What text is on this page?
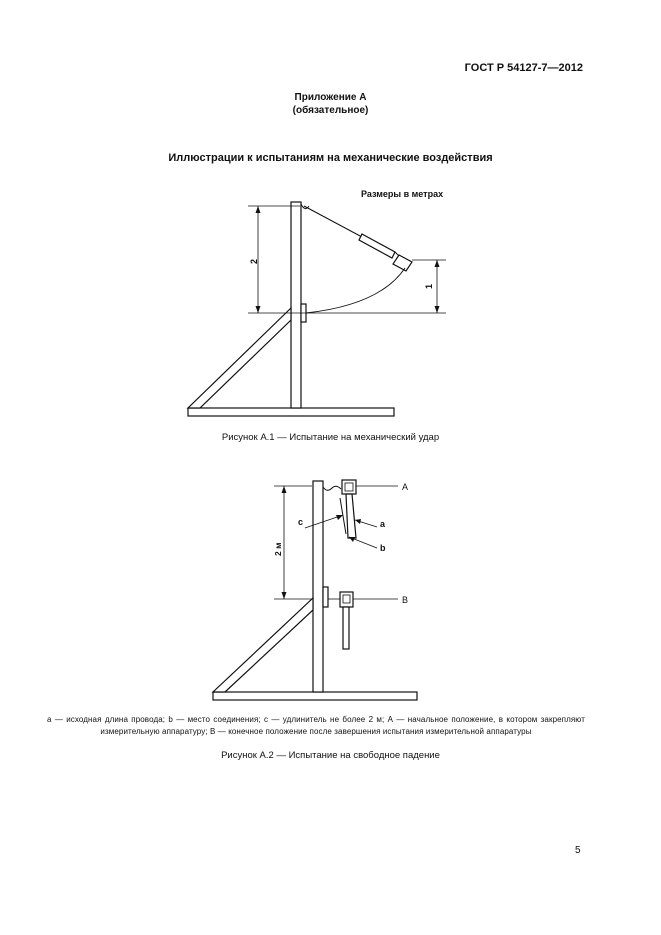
ГОСТ Р 54127-7—2012
Приложение А
(обязательное)
Иллюстрации к испытаниям на механические воздействия
Размеры в метрах
2
1
2 м
c	a
b
А
В
Рисунок А.1 — Испытание на механический удар
a — исходная длина провода; b — место соединения; c — удлинитель не более 2 м; А — начальное положение, в котором закрепляют измерительную аппаратуру; В — конечное положение после завершения испытания измерительной аппаратуры
Рисунок А.2 — Испытание на свободное падение
5
